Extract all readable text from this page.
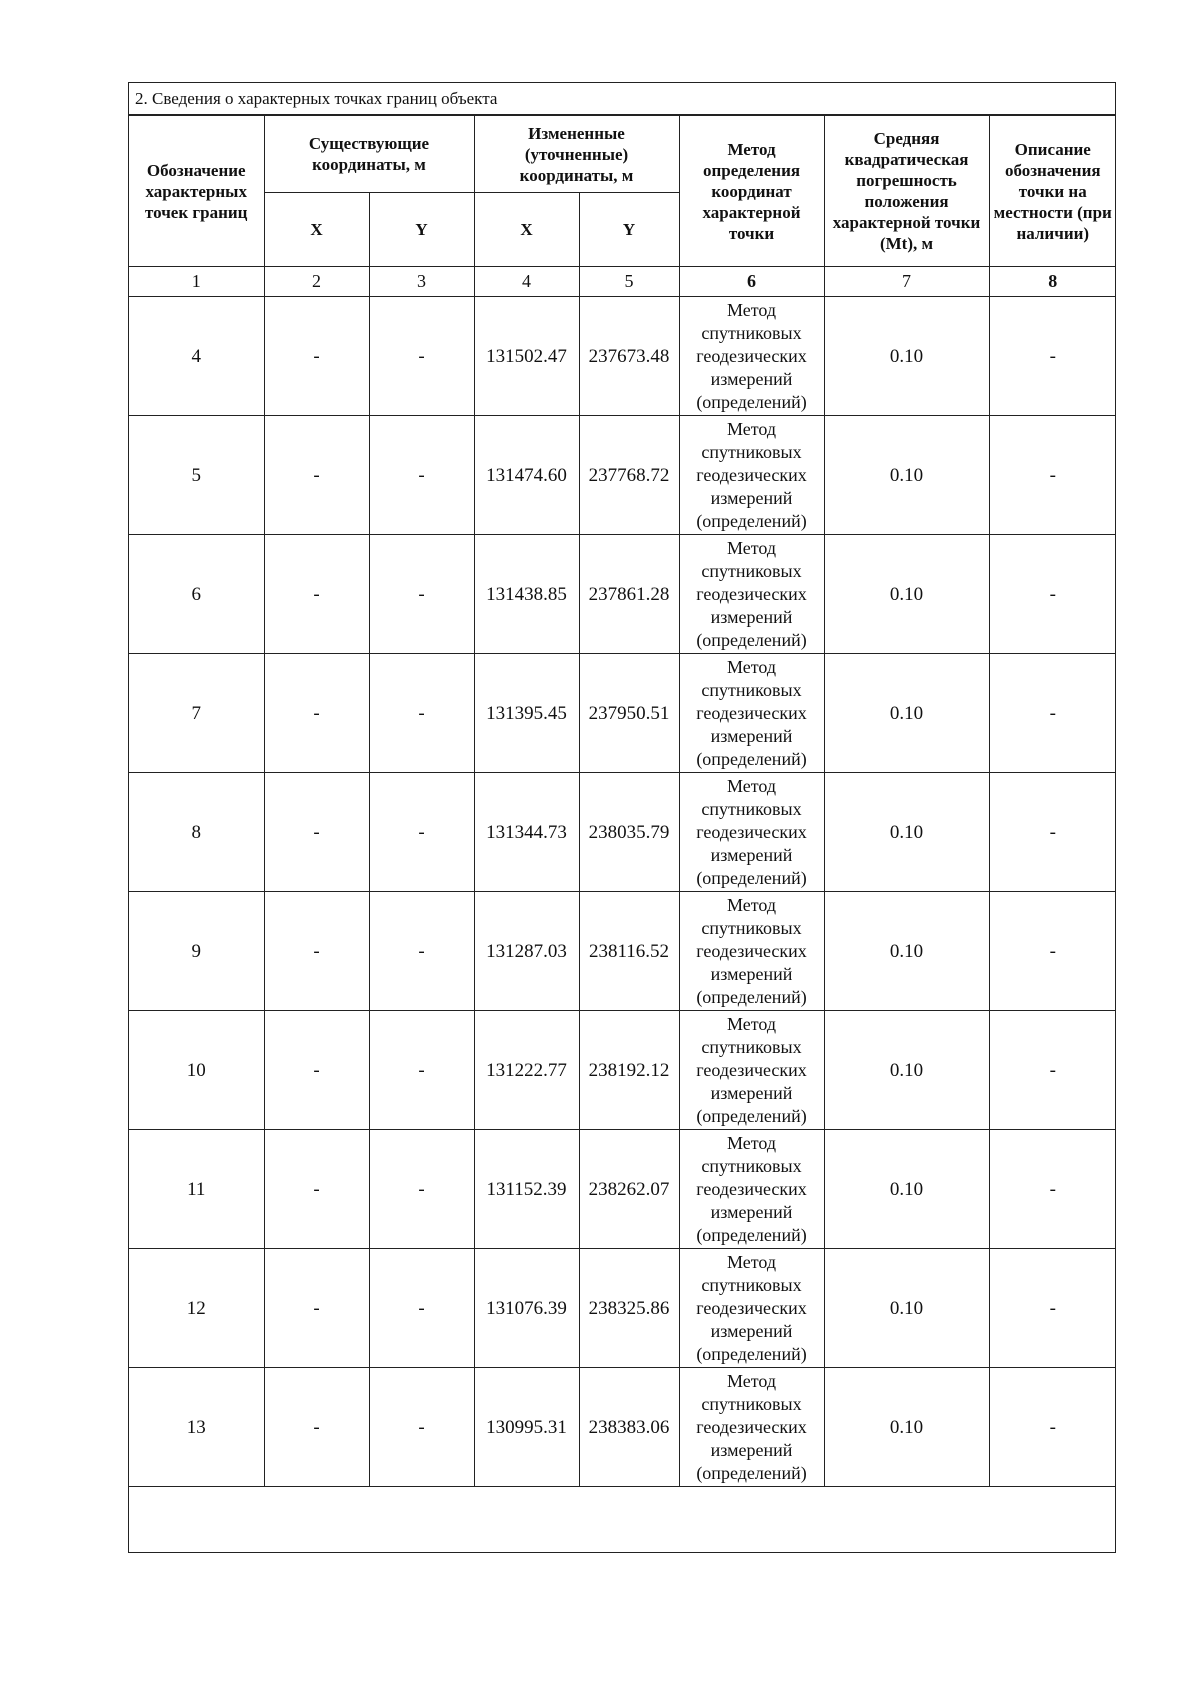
2. Сведения о характерных точках границ объекта
Обозначение характерных точек границ	Существующие координаты, м		Измененные (уточненные) координаты, м		Метод определения координат характерной точки	Средняя квадратическая погрешность положения характерной точки (Mt), м	Описание обозначения точки на местности (при наличии)
	X	Y	X	Y			
1	2	3	4	5	6	7	8
4	-	-	131502.47	237673.48	Метод спутниковых геодезических измерений (определений)	0.10	-
5	-	-	131474.60	237768.72	Метод спутниковых геодезических измерений (определений)	0.10	-
6	-	-	131438.85	237861.28	Метод спутниковых геодезических измерений (определений)	0.10	-
7	-	-	131395.45	237950.51	Метод спутниковых геодезических измерений (определений)	0.10	-
8	-	-	131344.73	238035.79	Метод спутниковых геодезических измерений (определений)	0.10	-
9	-	-	131287.03	238116.52	Метод спутниковых геодезических измерений (определений)	0.10	-
10	-	-	131222.77	238192.12	Метод спутниковых геодезических измерений (определений)	0.10	-
11	-	-	131152.39	238262.07	Метод спутниковых геодезических измерений (определений)	0.10	-
12	-	-	131076.39	238325.86	Метод спутниковых геодезических измерений (определений)	0.10	-
13	-	-	130995.31	238383.06	Метод спутниковых геодезических измерений (определений)	0.10	-
